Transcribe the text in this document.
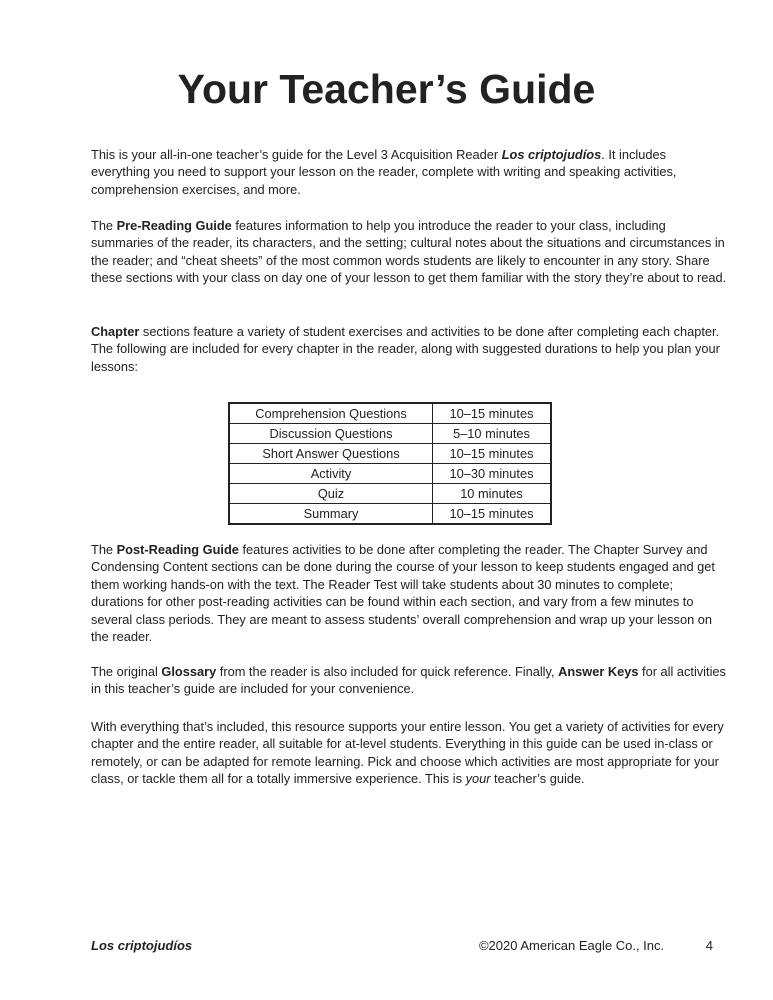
Your Teacher’s Guide

This is your all-in-one teacher’s guide for the Level 3 Acquisition Reader Los criptojudíos. It includes everything you need to support your lesson on the reader, complete with writing and speaking activities, comprehension exercises, and more.

The Pre-Reading Guide features information to help you introduce the reader to your class, including summaries of the reader, its characters, and the setting; cultural notes about the situations and circumstances in the reader; and “cheat sheets” of the most common words students are likely to encounter in any story. Share these sections with your class on day one of your lesson to get them familiar with the story they’re about to read.

Chapter sections feature a variety of student exercises and activities to be done after completing each chapter. The following are included for every chapter in the reader, along with suggested durations to help you plan your lessons:

The Post-Reading Guide features activities to be done after completing the reader. The Chapter Survey and Condensing Content sections can be done during the course of your lesson to keep students engaged and get them working hands-on with the text. The Reader Test will take students about 30 minutes to complete; durations for other post-reading activities can be found within each section, and vary from a few minutes to several class periods. They are meant to assess students’ overall comprehension and wrap up your lesson on the reader.

The original Glossary from the reader is also included for quick reference. Finally, Answer Keys for all activities in this teacher’s guide are included for your convenience.

With everything that’s included, this resource supports your entire lesson. You get a variety of activities for every chapter and the entire reader, all suitable for at-level students. Everything in this guide can be used in-class or remotely, or can be adapted for remote learning. Pick and choose which activities are most appropriate for your class, or tackle them all for a totally immersive experience. This is your teacher’s guide.

Comprehension Questions	10–15 minutes
Discussion Questions	5–10 minutes
Short Answer Questions	10–15 minutes
Activity	10–30 minutes
Quiz	10 minutes
Summary	10–15 minutes
Los criptojudíos	©2020 American Eagle Co., Inc.	4
